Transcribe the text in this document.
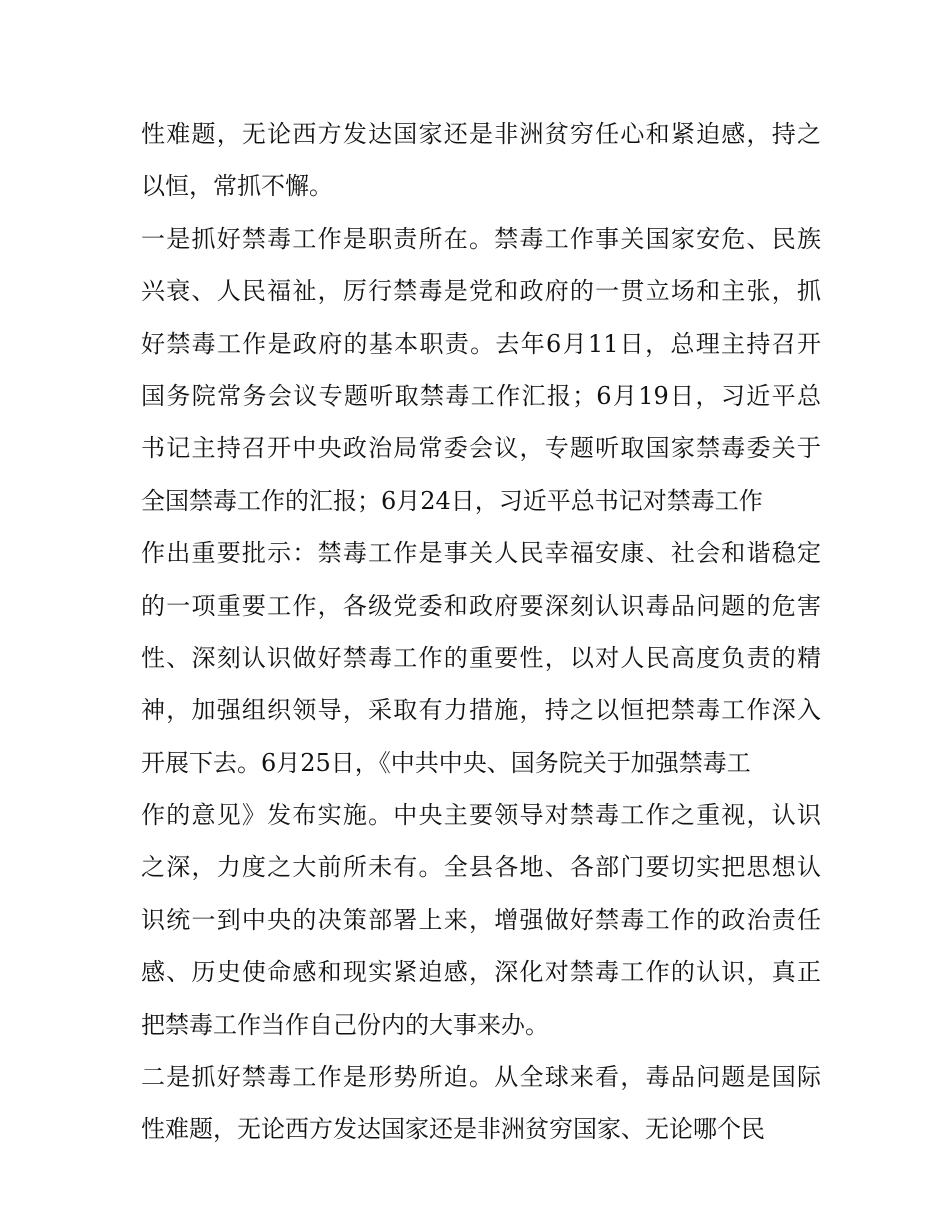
性难题，无论西方发达国家还是非洲贫穷任心和紧迫感，持之
以恒，常抓不懈。
一是抓好禁毒工作是职责所在。禁毒工作事关国家安危、民族
兴衰、人民福祉，厉行禁毒是党和政府的一贯立场和主张，抓
好禁毒工作是政府的基本职责。去年6月11日，总理主持召开
国务院常务会议专题听取禁毒工作汇报；6月19日，习近平总
书记主持召开中央政治局常委会议，专题听取国家禁毒委关于
全国禁毒工作的汇报；6月24日，习近平总书记对禁毒工作
作出重要批示：禁毒工作是事关人民幸福安康、社会和谐稳定
的一项重要工作，各级党委和政府要深刻认识毒品问题的危害
性、深刻认识做好禁毒工作的重要性，以对人民高度负责的精
神，加强组织领导，采取有力措施，持之以恒把禁毒工作深入
开展下去。6月25日，《中共中央、国务院关于加强禁毒工
作的意见》发布实施。中央主要领导对禁毒工作之重视，认识
之深，力度之大前所未有。全县各地、各部门要切实把思想认
识统一到中央的决策部署上来，增强做好禁毒工作的政治责任
感、历史使命感和现实紧迫感，深化对禁毒工作的认识，真正
把禁毒工作当作自己份内的大事来办。
二是抓好禁毒工作是形势所迫。从全球来看，毒品问题是国际
性难题，无论西方发达国家还是非洲贫穷国家、无论哪个民
